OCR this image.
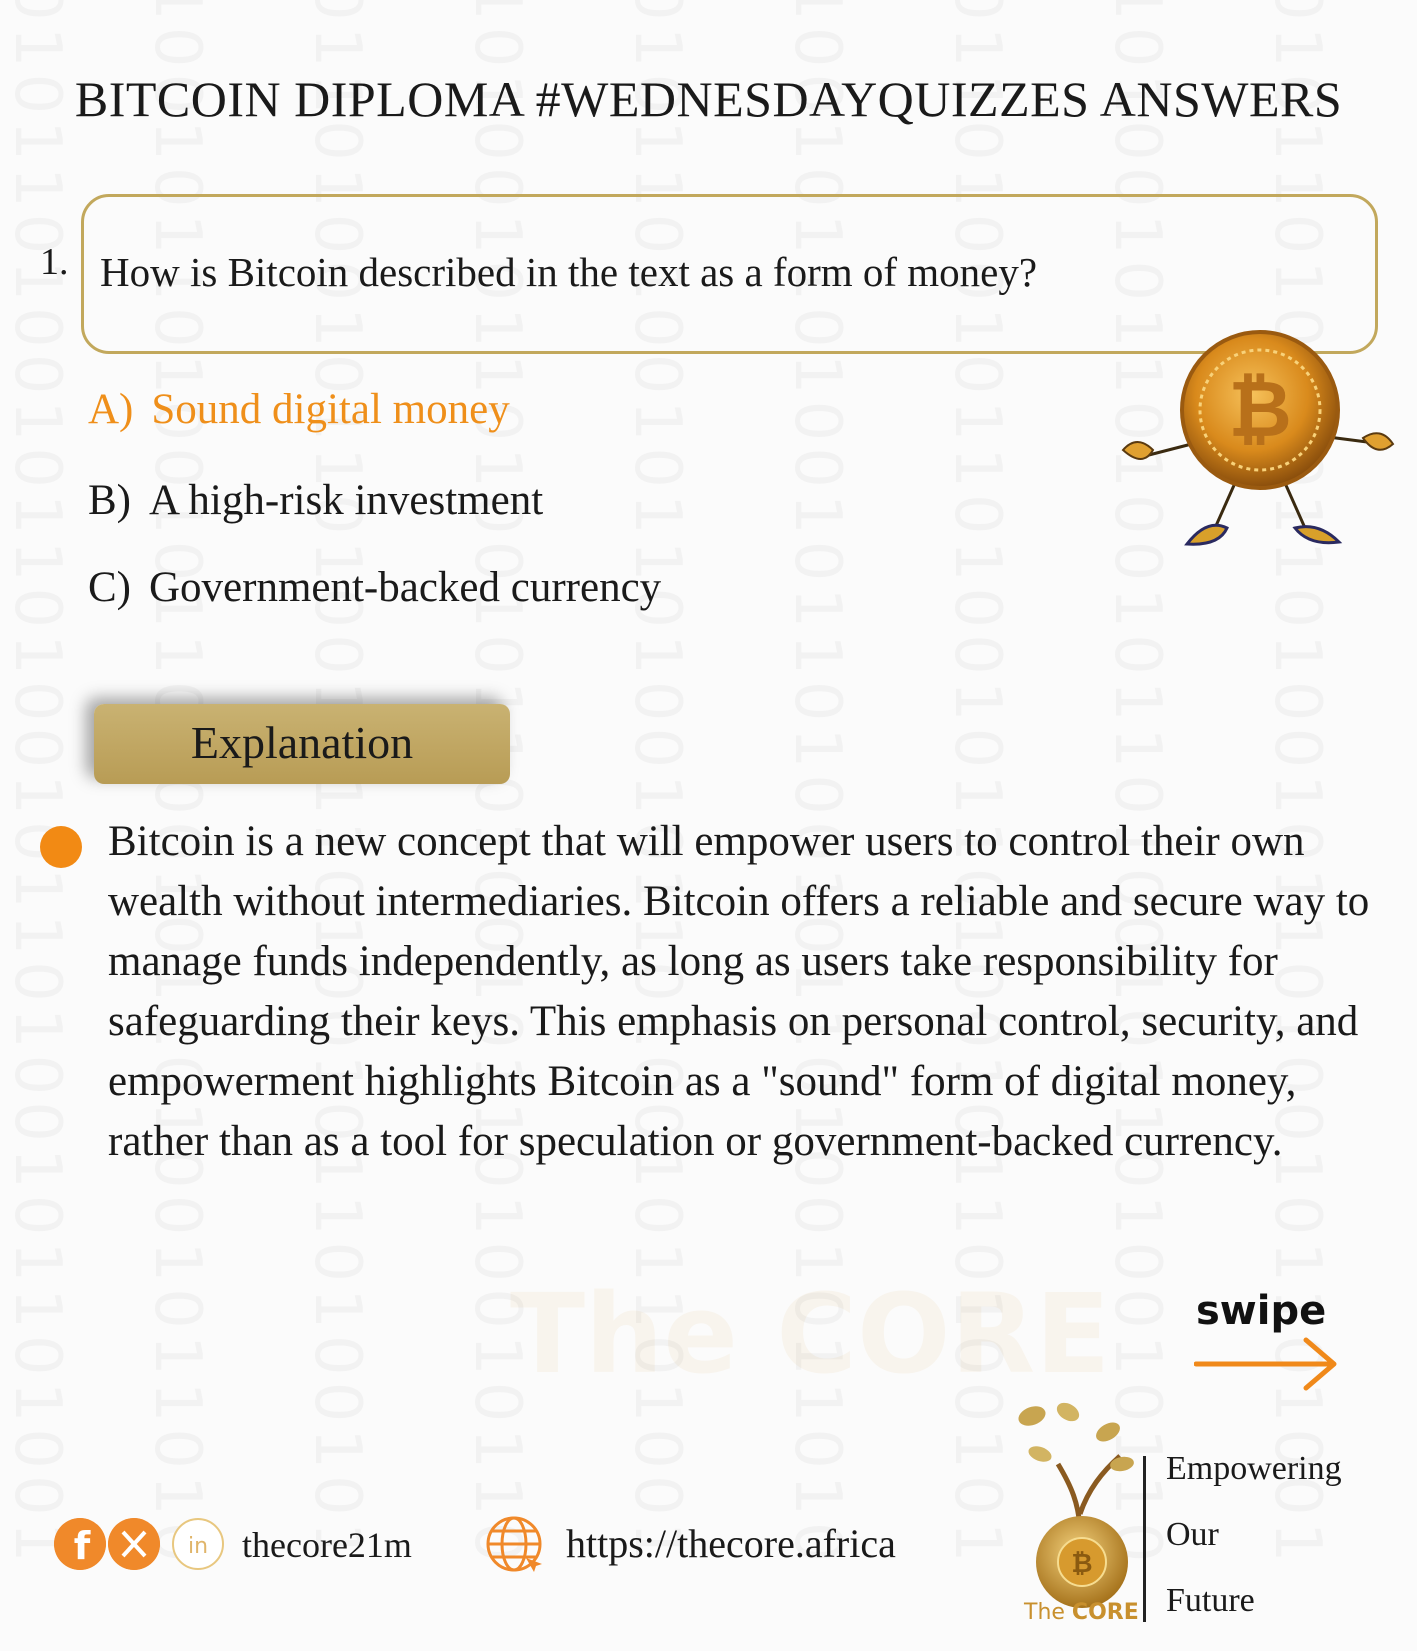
The CORE
BITCOIN DIPLOMA #WEDNESDAYQUIZZES ANSWERS
1. How is Bitcoin described in the text as a form of money?
A) Sound digital money
B) A high-risk investment
C) Government-backed currency
₿
Explanation

Bitcoin is a new concept that will empower users to control their own wealth without intermediaries. Bitcoin offers a reliable and secure way to manage funds independently, as long as users take responsibility for safeguarding their keys. This emphasis on personal control, security, and empowerment highlights Bitcoin as a "sound" form of digital money, rather than as a tool for speculation or government-backed currency.

swipe
f	in thecore21m	https://thecore.africa	₿
The CORE
Empowering
Our
Future
